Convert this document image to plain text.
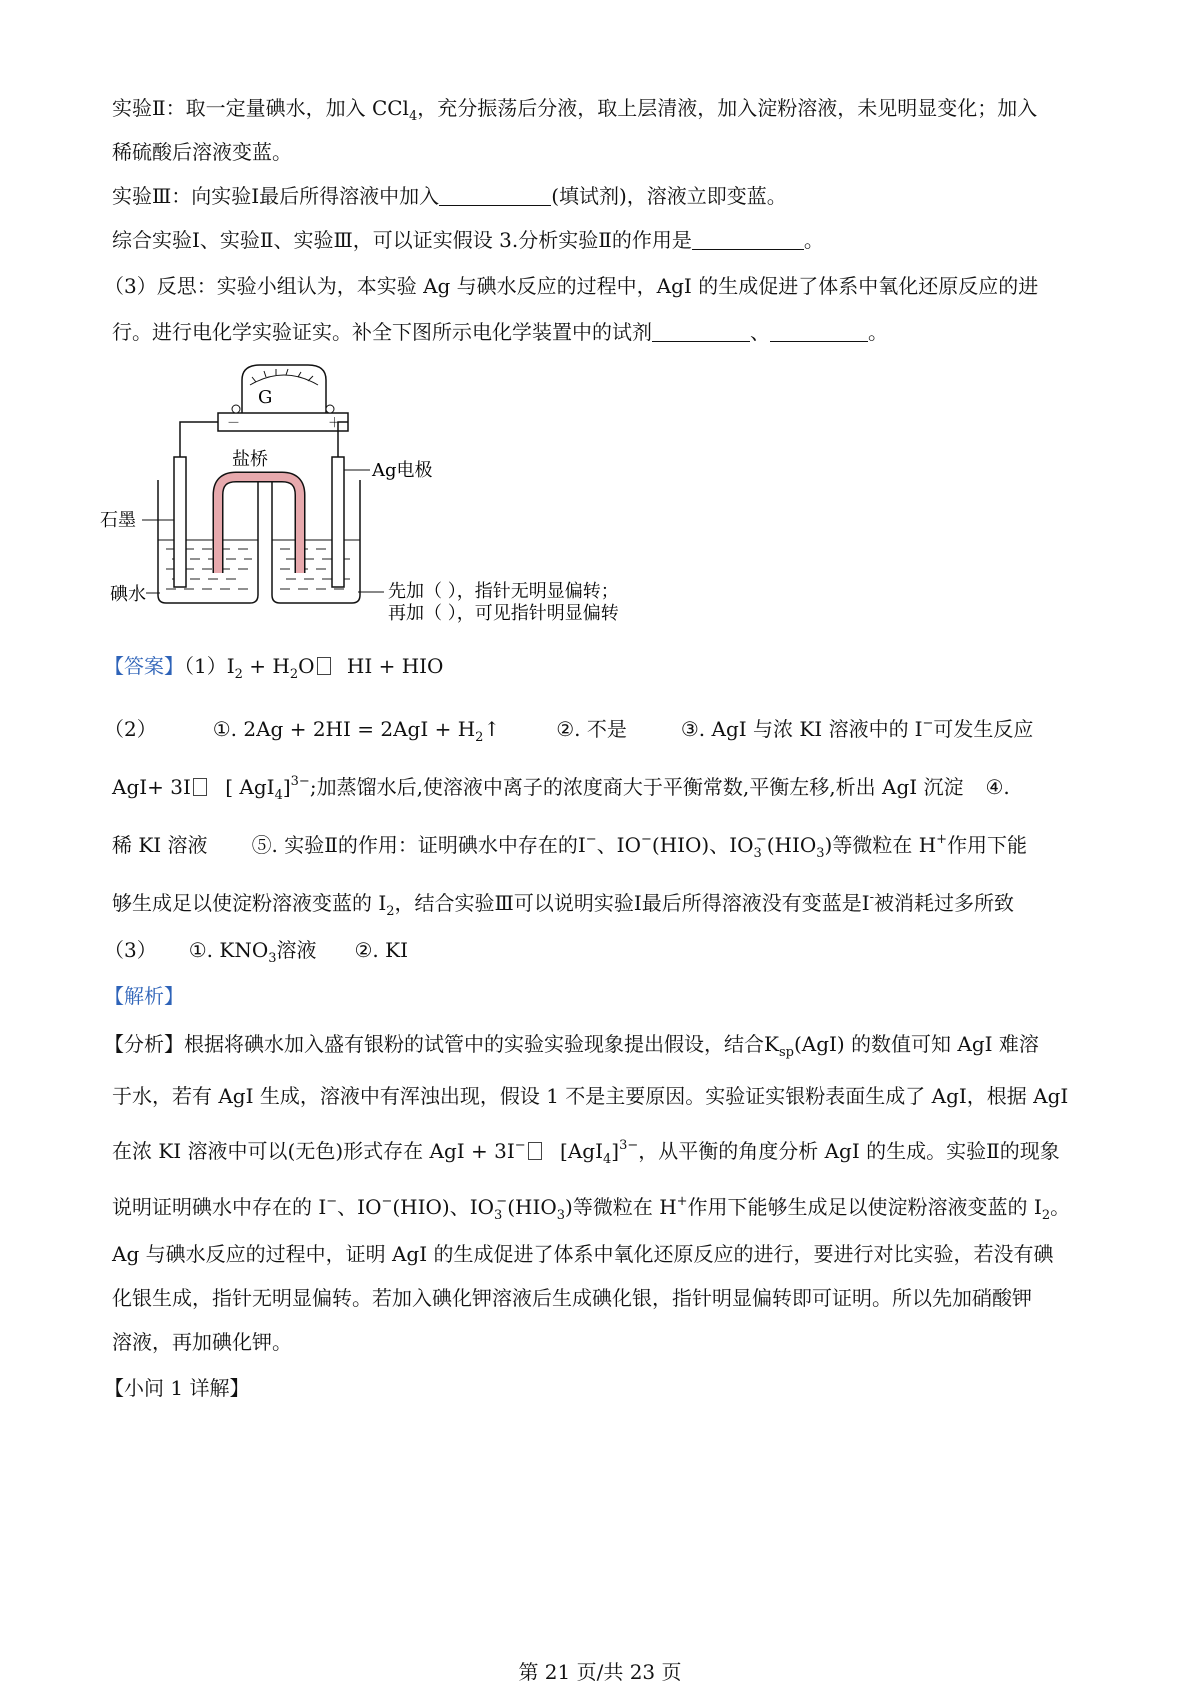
实验Ⅱ：取一定量碘水，加入 CCl$_4$，充分振荡后分液，取上层清液，加入淀粉溶液，未见明显变化；加入
稀硫酸后溶液变蓝。
实验Ⅲ：向实验Ⅰ最后所得溶液中加入	(填试剂)，溶液立即变蓝。
综合实验Ⅰ、实验Ⅱ、实验Ⅲ，可以证实假设 3.分析实验Ⅱ的作用是	。
（3）反思：实验小组认为，本实验 Ag 与碘水反应的过程中，AgI 的生成促进了体系中氧化还原反应的进
行。进行电化学实验证实。补全下图所示电化学装置中的试剂	、	。
G
－	＋
盐桥
Ag电极
石墨
碘水	先加（ ），指针无明显偏转；
再加（ ），可见指针明显偏转
【答案】$(1)I_2 + H_2O$ HI + HIO
（2）	①. $2Ag + 2HI = 2AgI + H_2↑$	②. 不是	③. AgI 与浓 KI 溶液中的 I−可发生反应
AgI+ 3I [ AgI$_4$]$^{3-}$;加蒸馏水后,使溶液中离子的浓度商大于平衡常数,平衡左移,析出 AgI 沉淀 ④.
稀 KI 溶液 ⑤. 实验Ⅱ的作用：证明碘水中存在的I−、IO−(HIO)、$IO_3^-(HIO_3)$等微粒在 H+作用下能
够生成足以使淀粉溶液变蓝的 $I_2$，结合实验Ⅲ可以说明实验Ⅰ最后所得溶液没有变蓝是Ⅰ-被消耗过多所致
（3） ①. $KNO_3$溶液 ②. KI
【解析】
【分析】根据将碘水加入盛有银粉的试管中的实验实验现象提出假设，结合$K_{sp}(AgI)$ 的数值可知 AgI 难溶
于水，若有 AgI 生成，溶液中有浑浊出现，假设 1 不是主要原因。实验证实银粉表面生成了 AgI，根据 AgI
在浓 KI 溶液中可以(无色)形式存在 AgI + 3I− $[AgI_4]^{3-}$，从平衡的角度分析 AgI 的生成。实验Ⅱ的现象
说明证明碘水中存在的 I−、IO−(HIO)、$IO_3^-(HIO_3)$等微粒在 H+作用下能够生成足以使淀粉溶液变蓝的 $I_2$。
Ag 与碘水反应的过程中，证明 AgI 的生成促进了体系中氧化还原反应的进行，要进行对比实验，若没有碘
化银生成，指针无明显偏转。若加入碘化钾溶液后生成碘化银，指针明显偏转即可证明。所以先加硝酸钾
溶液，再加碘化钾。
【小问 1 详解】
第 21 页/共 23 页
